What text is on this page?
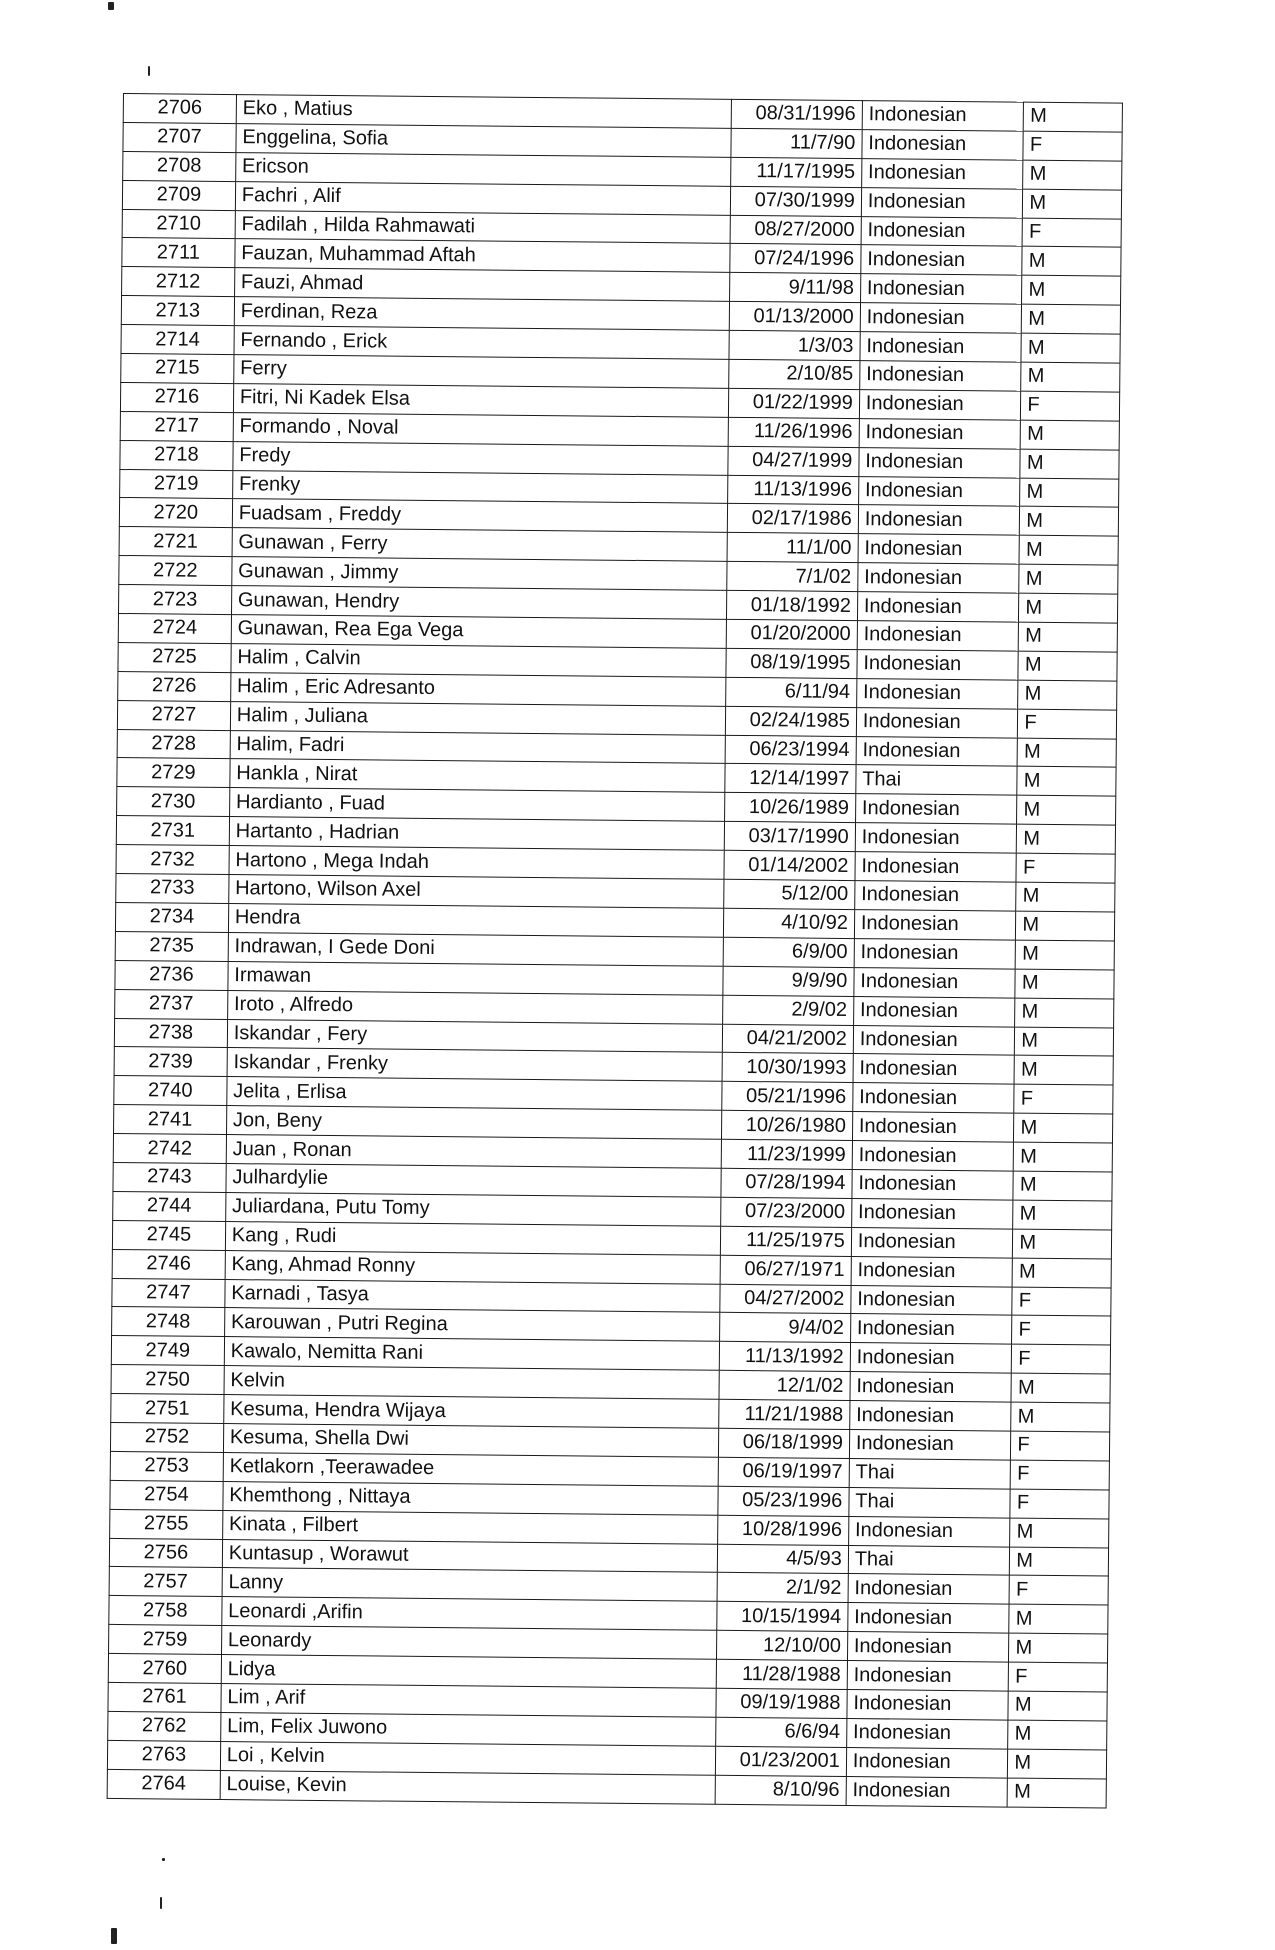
2706	Eko , Matius	08/31/1996	Indonesian	M
2707	Enggelina, Sofia	11/7/90	Indonesian	F
2708	Ericson	11/17/1995	Indonesian	M
2709	Fachri , Alif	07/30/1999	Indonesian	M
2710	Fadilah , Hilda Rahmawati	08/27/2000	Indonesian	F
2711	Fauzan, Muhammad Aftah	07/24/1996	Indonesian	M
2712	Fauzi, Ahmad	9/11/98	Indonesian	M
2713	Ferdinan, Reza	01/13/2000	Indonesian	M
2714	Fernando , Erick	1/3/03	Indonesian	M
2715	Ferry	2/10/85	Indonesian	M
2716	Fitri, Ni Kadek Elsa	01/22/1999	Indonesian	F
2717	Formando , Noval	11/26/1996	Indonesian	M
2718	Fredy	04/27/1999	Indonesian	M
2719	Frenky	11/13/1996	Indonesian	M
2720	Fuadsam , Freddy	02/17/1986	Indonesian	M
2721	Gunawan , Ferry	11/1/00	Indonesian	M
2722	Gunawan , Jimmy	7/1/02	Indonesian	M
2723	Gunawan, Hendry	01/18/1992	Indonesian	M
2724	Gunawan, Rea Ega Vega	01/20/2000	Indonesian	M
2725	Halim , Calvin	08/19/1995	Indonesian	M
2726	Halim , Eric Adresanto	6/11/94	Indonesian	M
2727	Halim , Juliana	02/24/1985	Indonesian	F
2728	Halim, Fadri	06/23/1994	Indonesian	M
2729	Hankla , Nirat	12/14/1997	Thai	M
2730	Hardianto , Fuad	10/26/1989	Indonesian	M
2731	Hartanto , Hadrian	03/17/1990	Indonesian	M
2732	Hartono , Mega Indah	01/14/2002	Indonesian	F
2733	Hartono, Wilson Axel	5/12/00	Indonesian	M
2734	Hendra	4/10/92	Indonesian	M
2735	Indrawan, I Gede Doni	6/9/00	Indonesian	M
2736	Irmawan	9/9/90	Indonesian	M
2737	Iroto , Alfredo	2/9/02	Indonesian	M
2738	Iskandar , Fery	04/21/2002	Indonesian	M
2739	Iskandar , Frenky	10/30/1993	Indonesian	M
2740	Jelita , Erlisa	05/21/1996	Indonesian	F
2741	Jon, Beny	10/26/1980	Indonesian	M
2742	Juan , Ronan	11/23/1999	Indonesian	M
2743	Julhardylie	07/28/1994	Indonesian	M
2744	Juliardana, Putu Tomy	07/23/2000	Indonesian	M
2745	Kang , Rudi	11/25/1975	Indonesian	M
2746	Kang, Ahmad Ronny	06/27/1971	Indonesian	M
2747	Karnadi , Tasya	04/27/2002	Indonesian	F
2748	Karouwan , Putri Regina	9/4/02	Indonesian	F
2749	Kawalo, Nemitta Rani	11/13/1992	Indonesian	F
2750	Kelvin	12/1/02	Indonesian	M
2751	Kesuma, Hendra Wijaya	11/21/1988	Indonesian	M
2752	Kesuma, Shella Dwi	06/18/1999	Indonesian	F
2753	Ketlakorn ,Teerawadee	06/19/1997	Thai	F
2754	Khemthong , Nittaya	05/23/1996	Thai	F
2755	Kinata , Filbert	10/28/1996	Indonesian	M
2756	Kuntasup , Worawut	4/5/93	Thai	M
2757	Lanny	2/1/92	Indonesian	F
2758	Leonardi ,Arifin	10/15/1994	Indonesian	M
2759	Leonardy	12/10/00	Indonesian	M
2760	Lidya	11/28/1988	Indonesian	F
2761	Lim , Arif	09/19/1988	Indonesian	M
2762	Lim, Felix Juwono	6/6/94	Indonesian	M
2763	Loi , Kelvin	01/23/2001	Indonesian	M
2764	Louise, Kevin	8/10/96	Indonesian	M
